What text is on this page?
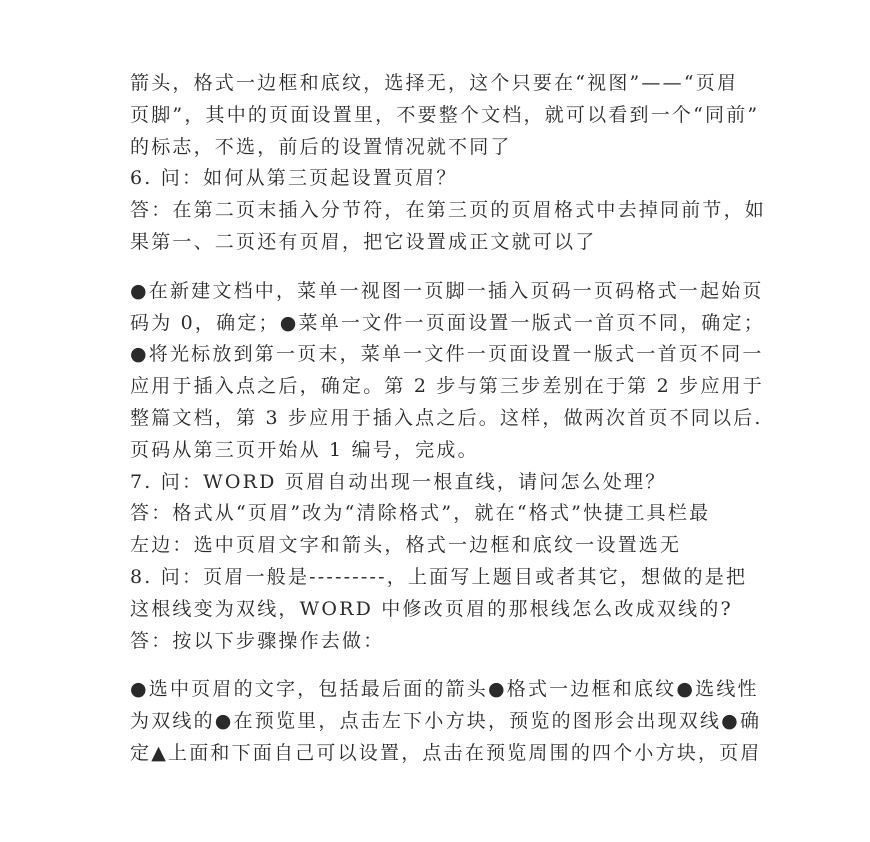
箭头，格式一边框和底纹，选择无，这个只要在“视图”——“页眉
页脚”，其中的页面设置里，不要整个文档，就可以看到一个“同前”
的标志，不选，前后的设置情况就不同了
6. 问：如何从第三页起设置页眉？
答：在第二页末插入分节符，在第三页的页眉格式中去掉同前节，如
果第一、二页还有页眉，把它设置成正文就可以了
●在新建文档中，菜单一视图一页脚一插入页码一页码格式一起始页
码为 0，确定；●菜单一文件一页面设置一版式一首页不同，确定；
●将光标放到第一页末，菜单一文件一页面设置一版式一首页不同一
应用于插入点之后，确定。第 2 步与第三步差别在于第 2 步应用于
整篇文档，第 3 步应用于插入点之后。这样，做两次首页不同以后.
页码从第三页开始从 1 编号，完成。
7. 问：WORD 页眉自动出现一根直线，请问怎么处理？
答：格式从“页眉”改为“清除格式”，就在“格式”快捷工具栏最
左边：选中页眉文字和箭头，格式一边框和底纹一设置选无
8. 问：页眉一般是---------，上面写上题目或者其它，想做的是把
这根线变为双线，WORD 中修改页眉的那根线怎么改成双线的?
答：按以下步骤操作去做：
●选中页眉的文字，包括最后面的箭头●格式一边框和底纹●选线性
为双线的●在预览里，点击左下小方块，预览的图形会出现双线●确
定▲上面和下面自己可以设置，点击在预览周围的四个小方块，页眉
